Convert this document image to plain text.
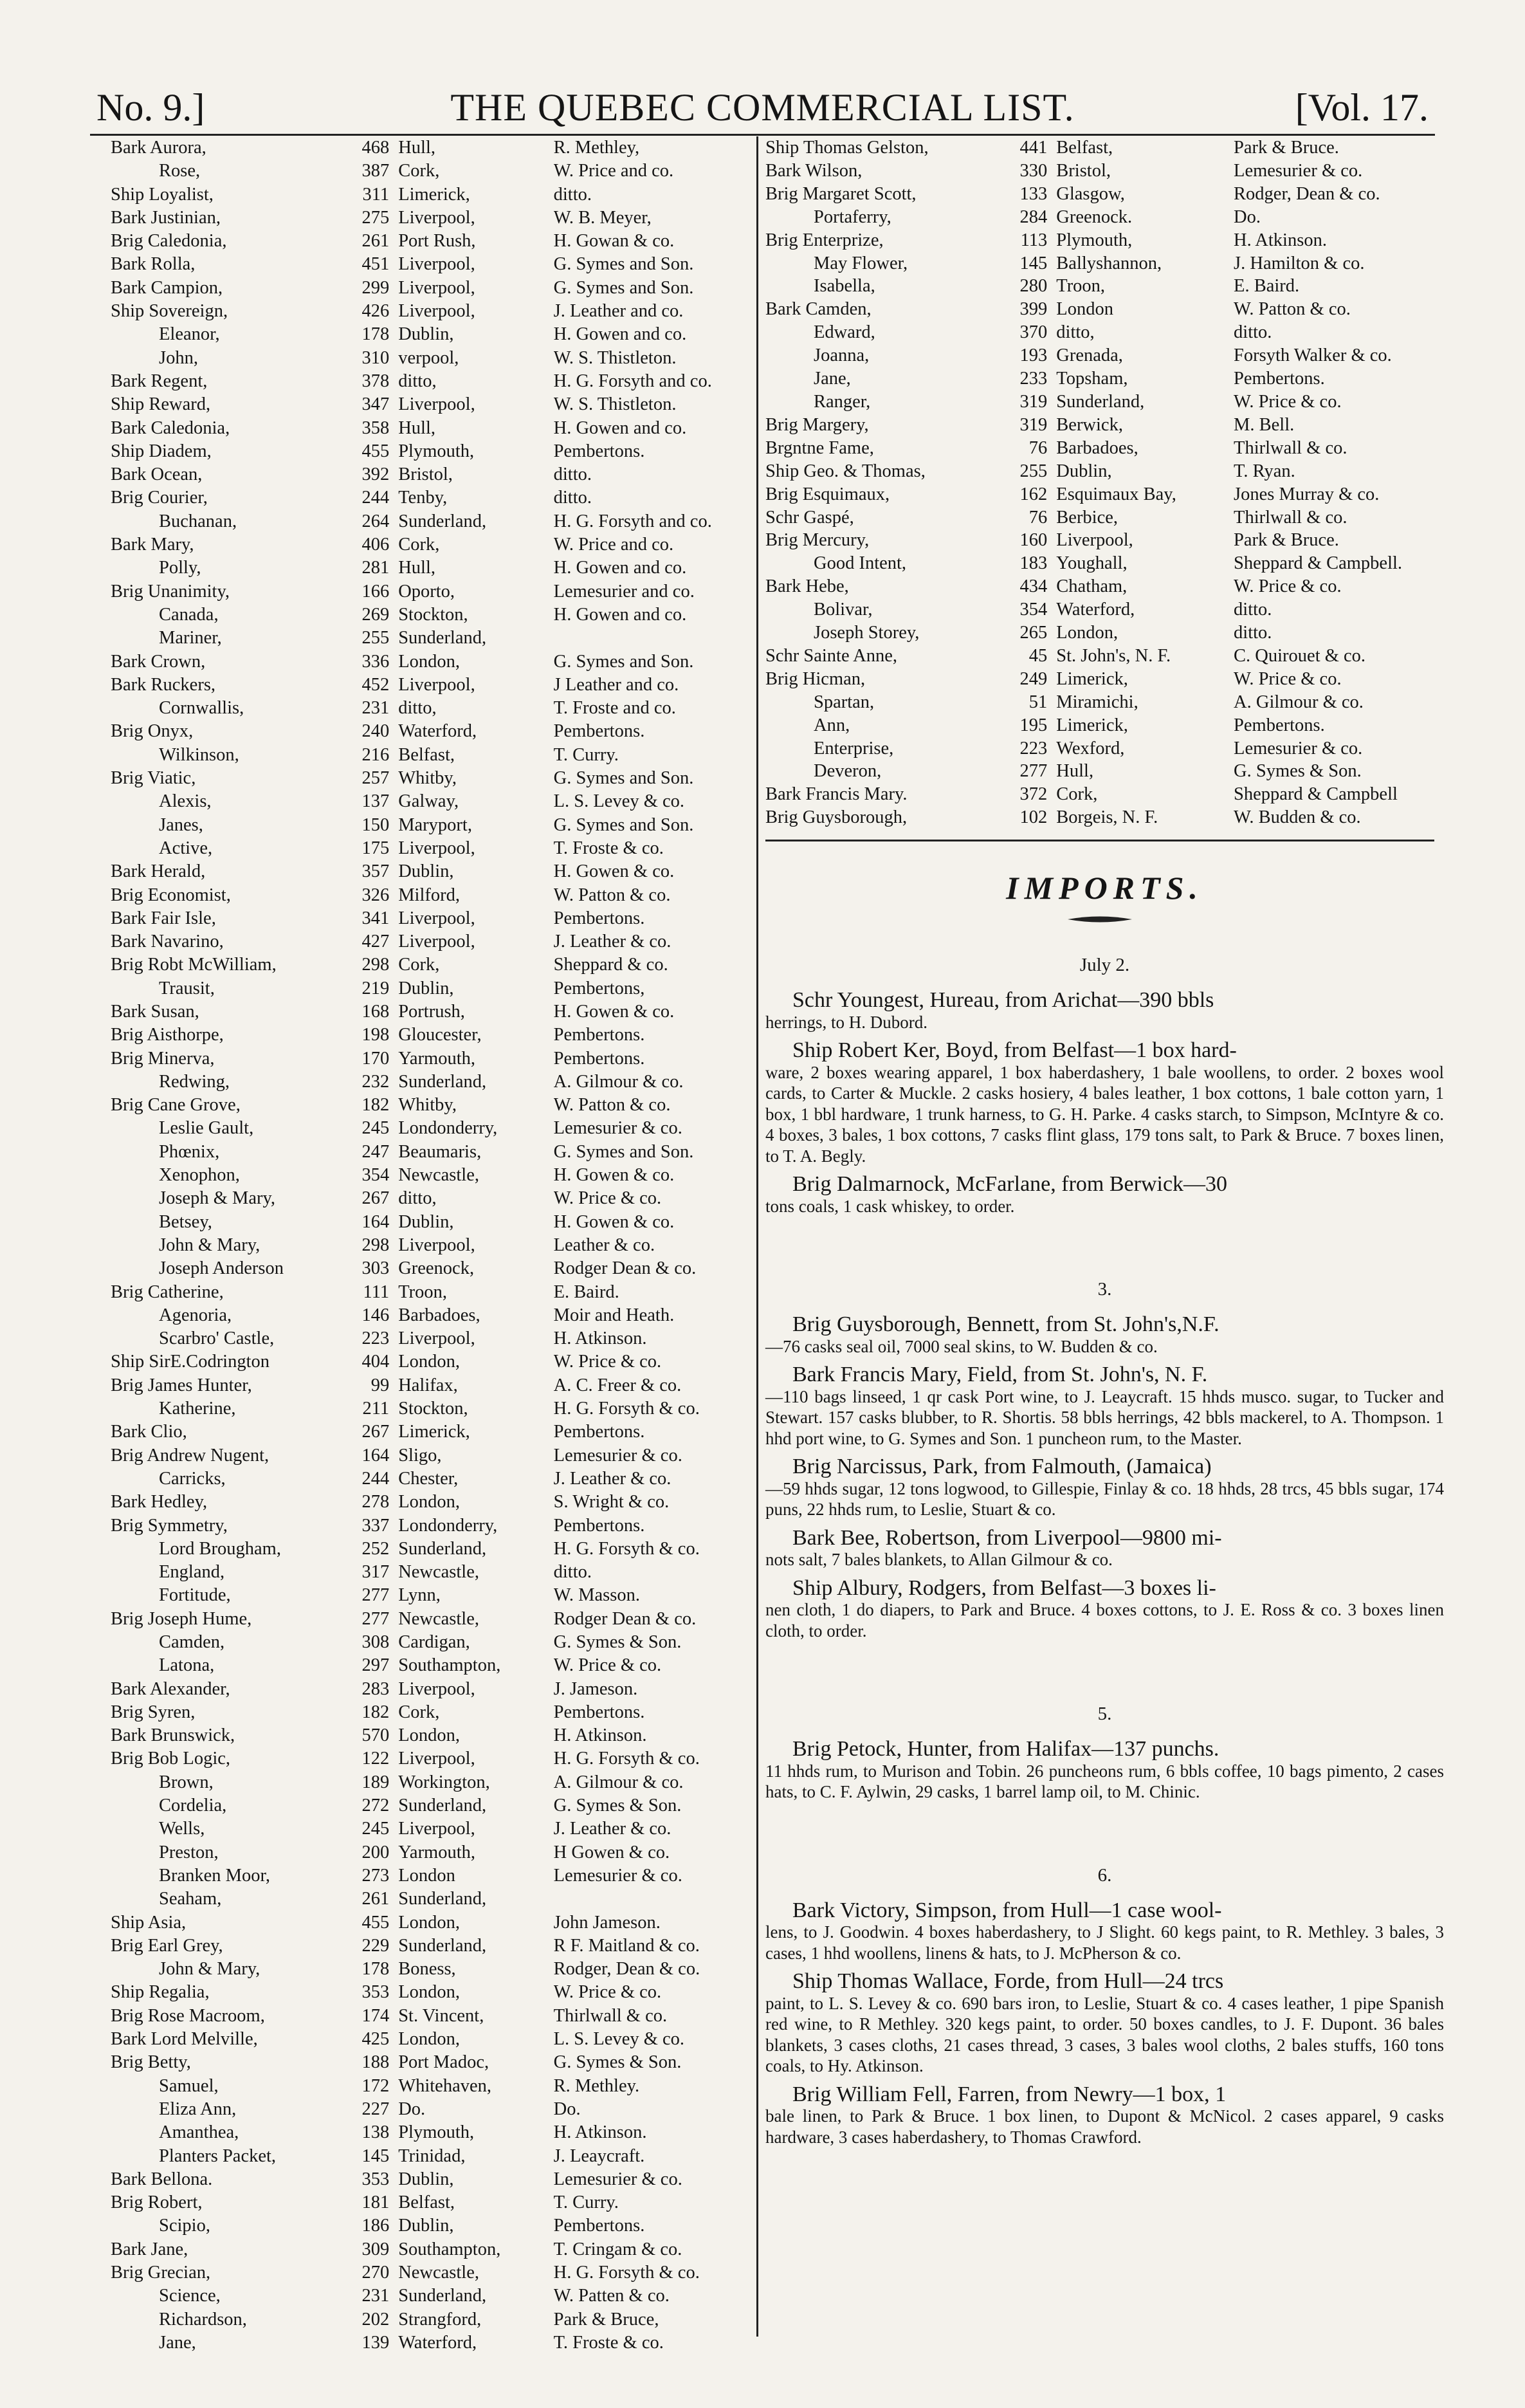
No. 9.]	THE QUEBEC COMMERCIAL LIST.	[Vol. 17.
Bark Aurora,	468	Hull,	R. Methley,
Rose,	387	Cork,	W. Price and co.
Ship Loyalist,	311	Limerick,	ditto.
Bark Justinian,	275	Liverpool,	W. B. Meyer,
Brig Caledonia,	261	Port Rush,	H. Gowan & co.
Bark Rolla,	451	Liverpool,	G. Symes and Son.
Bark Campion,	299	Liverpool,	G. Symes and Son.
Ship Sovereign,	426	Liverpool,	J. Leather and co.
Eleanor,	178	Dublin,	H. Gowen and co.
John,	310	verpool,	W. S. Thistleton.
Bark Regent,	378	ditto,	H. G. Forsyth and co.
Ship Reward,	347	Liverpool,	W. S. Thistleton.
Bark Caledonia,	358	Hull,	H. Gowen and co.
Ship Diadem,	455	Plymouth,	Pembertons.
Bark Ocean,	392	Bristol,	ditto.
Brig Courier,	244	Tenby,	ditto.
Buchanan,	264	Sunderland,	H. G. Forsyth and co.
Bark Mary,	406	Cork,	W. Price and co.
Polly,	281	Hull,	H. Gowen and co.
Brig Unanimity,	166	Oporto,	Lemesurier and co.
Canada,	269	Stockton,	H. Gowen and co.
Mariner,	255	Sunderland,	
Bark Crown,	336	London,	G. Symes and Son.
Bark Ruckers,	452	Liverpool,	J Leather and co.
Cornwallis,	231	ditto,	T. Froste and co.
Brig Onyx,	240	Waterford,	Pembertons.
Wilkinson,	216	Belfast,	T. Curry.
Brig Viatic,	257	Whitby,	G. Symes and Son.
Alexis,	137	Galway,	L. S. Levey & co.
Janes,	150	Maryport,	G. Symes and Son.
Active,	175	Liverpool,	T. Froste & co.
Bark Herald,	357	Dublin,	H. Gowen & co.
Brig Economist,	326	Milford,	W. Patton & co.
Bark Fair Isle,	341	Liverpool,	Pembertons.
Bark Navarino,	427	Liverpool,	J. Leather & co.
Brig Robt McWilliam,	298	Cork,	Sheppard & co.
Trausit,	219	Dublin,	Pembertons,
Bark Susan,	168	Portrush,	H. Gowen & co.
Brig Aisthorpe,	198	Gloucester,	Pembertons.
Brig Minerva,	170	Yarmouth,	Pembertons.
Redwing,	232	Sunderland,	A. Gilmour & co.
Brig Cane Grove,	182	Whitby,	W. Patton & co.
Leslie Gault,	245	Londonderry,	Lemesurier & co.
Phœnix,	247	Beaumaris,	G. Symes and Son.
Xenophon,	354	Newcastle,	H. Gowen & co.
Joseph & Mary,	267	ditto,	W. Price & co.
Betsey,	164	Dublin,	H. Gowen & co.
John & Mary,	298	Liverpool,	Leather & co.
Joseph Anderson	303	Greenock,	Rodger Dean & co.
Brig Catherine,	111	Troon,	E. Baird.
Agenoria,	146	Barbadoes,	Moir and Heath.
Scarbro' Castle,	223	Liverpool,	H. Atkinson.
Ship SirE.Codrington	404	London,	W. Price & co.
Brig James Hunter,	99	Halifax,	A. C. Freer & co.
Katherine,	211	Stockton,	H. G. Forsyth & co.
Bark Clio,	267	Limerick,	Pembertons.
Brig Andrew Nugent,	164	Sligo,	Lemesurier & co.
Carricks,	244	Chester,	J. Leather & co.
Bark Hedley,	278	London,	S. Wright & co.
Brig Symmetry,	337	Londonderry,	Pembertons.
Lord Brougham,	252	Sunderland,	H. G. Forsyth & co.
England,	317	Newcastle,	ditto.
Fortitude,	277	Lynn,	W. Masson.
Brig Joseph Hume,	277	Newcastle,	Rodger Dean & co.
Camden,	308	Cardigan,	G. Symes & Son.
Latona,	297	Southampton,	W. Price & co.
Bark Alexander,	283	Liverpool,	J. Jameson.
Brig Syren,	182	Cork,	Pembertons.
Bark Brunswick,	570	London,	H. Atkinson.
Brig Bob Logic,	122	Liverpool,	H. G. Forsyth & co.
Brown,	189	Workington,	A. Gilmour & co.
Cordelia,	272	Sunderland,	G. Symes & Son.
Wells,	245	Liverpool,	J. Leather & co.
Preston,	200	Yarmouth,	H Gowen & co.
Branken Moor,	273	London	Lemesurier & co.
Seaham,	261	Sunderland,	
Ship Asia,	455	London,	John Jameson.
Brig Earl Grey,	229	Sunderland,	R F. Maitland & co.
John & Mary,	178	Boness,	Rodger, Dean & co.
Ship Regalia,	353	London,	W. Price & co.
Brig Rose Macroom,	174	St. Vincent,	Thirlwall & co.
Bark Lord Melville,	425	London,	L. S. Levey & co.
Brig Betty,	188	Port Madoc,	G. Symes & Son.
Samuel,	172	Whitehaven,	R. Methley.
Eliza Ann,	227	Do.	Do.
Amanthea,	138	Plymouth,	H. Atkinson.
Planters Packet,	145	Trinidad,	J. Leaycraft.
Bark Bellona.	353	Dublin,	Lemesurier & co.
Brig Robert,	181	Belfast,	T. Curry.
Scipio,	186	Dublin,	Pembertons.
Bark Jane,	309	Southampton,	T. Cringam & co.
Brig Grecian,	270	Newcastle,	H. G. Forsyth & co.
Science,	231	Sunderland,	W. Patten & co.
Richardson,	202	Strangford,	Park & Bruce,
Jane,	139	Waterford,	T. Froste & co.
Ship Thomas Gelston,	441	Belfast,	Park & Bruce.
Bark Wilson,	330	Bristol,	Lemesurier & co.
Brig Margaret Scott,	133	Glasgow,	Rodger, Dean & co.
Portaferry,	284	Greenock.	Do.
Brig Enterprize,	113	Plymouth,	H. Atkinson.
May Flower,	145	Ballyshannon,	J. Hamilton & co.
Isabella,	280	Troon,	E. Baird.
Bark Camden,	399	London	W. Patton & co.
Edward,	370	ditto,	ditto.
Joanna,	193	Grenada,	Forsyth Walker & co.
Jane,	233	Topsham,	Pembertons.
Ranger,	319	Sunderland,	W. Price & co.
Brig Margery,	319	Berwick,	M. Bell.
Brgntne Fame,	76	Barbadoes,	Thirlwall & co.
Ship Geo. & Thomas,	255	Dublin,	T. Ryan.
Brig Esquimaux,	162	Esquimaux Bay,	Jones Murray & co.
Schr Gaspé,	76	Berbice,	Thirlwall & co.
Brig Mercury,	160	Liverpool,	Park & Bruce.
Good Intent,	183	Youghall,	Sheppard & Campbell.
Bark Hebe,	434	Chatham,	W. Price & co.
Bolivar,	354	Waterford,	ditto.
Joseph Storey,	265	London,	ditto.
Schr Sainte Anne,	45	St. John's, N. F.	C. Quirouet & co.
Brig Hicman,	249	Limerick,	W. Price & co.
Spartan,	51	Miramichi,	A. Gilmour & co.
Ann,	195	Limerick,	Pembertons.
Enterprise,	223	Wexford,	Lemesurier & co.
Deveron,	277	Hull,	G. Symes & Son.
Bark Francis Mary.	372	Cork,	Sheppard & Campbell
Brig Guysborough,	102	Borgeis, N. F.	W. Budden & co.
IMPORTS.
July 2.
Schr Youngest, Hureau, from Arichat—390 bbls
herrings, to H. Dubord.
Ship Robert Ker, Boyd, from Belfast—1 box hard-
ware, 2 boxes wearing apparel, 1 box haberdashery, 1 bale woollens, to order. 2 boxes wool cards, to Carter & Muckle. 2 casks hosiery, 4 bales leather, 1 box cottons, 1 bale cotton yarn, 1 box, 1 bbl hardware, 1 trunk harness, to G. H. Parke. 4 casks starch, to Simpson, McIntyre & co. 4 boxes, 3 bales, 1 box cottons, 7 casks flint glass, 179 tons salt, to Park & Bruce. 7 boxes linen, to T. A. Begly.
Brig Dalmarnock, McFarlane, from Berwick—30
tons coals, 1 cask whiskey, to order.
3.
Brig Guysborough, Bennett, from St. John's,N.F.
—76 casks seal oil, 7000 seal skins, to W. Budden & co.
Bark Francis Mary, Field, from St. John's, N. F.
—110 bags linseed, 1 qr cask Port wine, to J. Leaycraft. 15 hhds musco. sugar, to Tucker and Stewart. 157 casks blubber, to R. Shortis. 58 bbls herrings, 42 bbls mackerel, to A. Thompson. 1 hhd port wine, to G. Symes and Son. 1 puncheon rum, to the Master.
Brig Narcissus, Park, from Falmouth, (Jamaica)
—59 hhds sugar, 12 tons logwood, to Gillespie, Finlay & co. 18 hhds, 28 trcs, 45 bbls sugar, 174 puns, 22 hhds rum, to Leslie, Stuart & co.
Bark Bee, Robertson, from Liverpool—9800 mi-
nots salt, 7 bales blankets, to Allan Gilmour & co.
Ship Albury, Rodgers, from Belfast—3 boxes li-
nen cloth, 1 do diapers, to Park and Bruce. 4 boxes cottons, to J. E. Ross & co. 3 boxes linen cloth, to order.
5.
Brig Petock, Hunter, from Halifax—137 punchs.
11 hhds rum, to Murison and Tobin. 26 puncheons rum, 6 bbls coffee, 10 bags pimento, 2 cases hats, to C. F. Aylwin, 29 casks, 1 barrel lamp oil, to M. Chinic.
6.
Bark Victory, Simpson, from Hull—1 case wool-
lens, to J. Goodwin. 4 boxes haberdashery, to J Slight. 60 kegs paint, to R. Methley. 3 bales, 3 cases, 1 hhd woollens, linens & hats, to J. McPherson & co.
Ship Thomas Wallace, Forde, from Hull—24 trcs
paint, to L. S. Levey & co. 690 bars iron, to Leslie, Stuart & co. 4 cases leather, 1 pipe Spanish red wine, to R Methley. 320 kegs paint, to order. 50 boxes candles, to J. F. Dupont. 36 bales blankets, 3 cases cloths, 21 cases thread, 3 cases, 3 bales wool cloths, 2 bales stuffs, 160 tons coals, to Hy. Atkinson.
Brig William Fell, Farren, from Newry—1 box, 1
bale linen, to Park & Bruce. 1 box linen, to Dupont & McNicol. 2 cases apparel, 9 casks hardware, 3 cases haberdashery, to Thomas Crawford.
